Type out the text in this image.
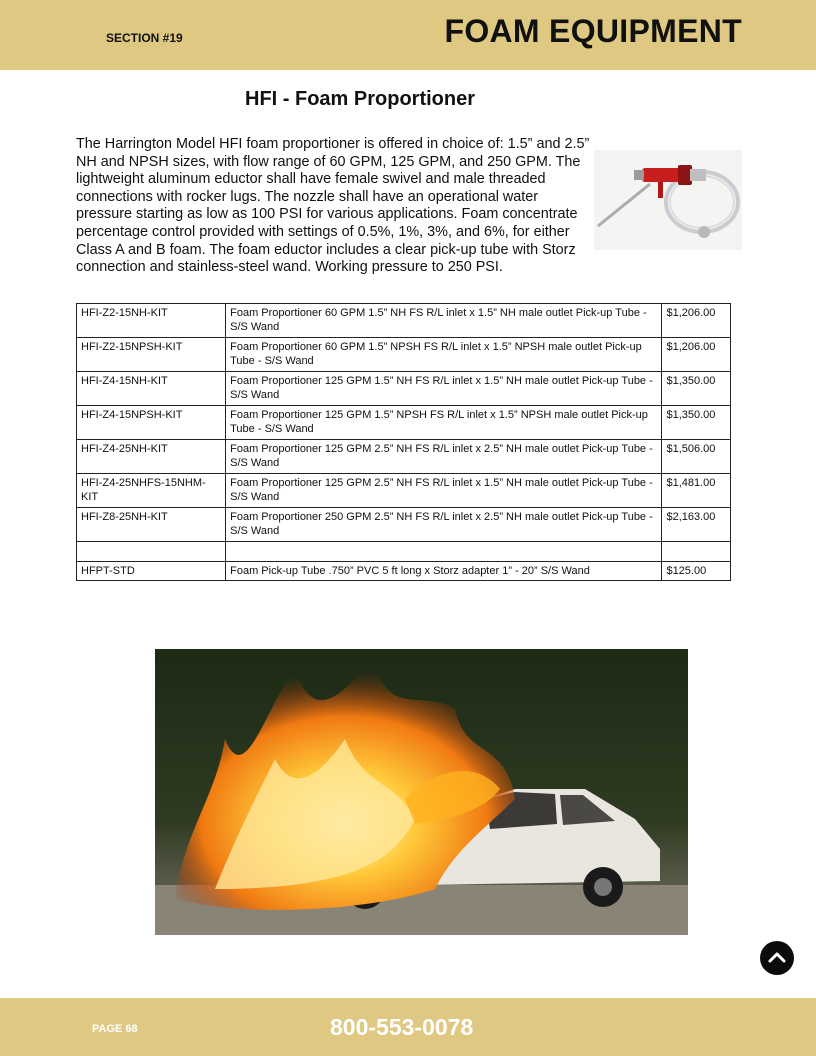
SECTION #19	FOAM EQUIPMENT
HFI - Foam Proportioner

The Harrington Model HFI foam proportioner is offered in choice of: 1.5” and 2.5” NH and NPSH sizes, with flow range of 60 GPM, 125 GPM, and 250 GPM. The lightweight aluminum eductor shall have female swivel and male threaded connections with rocker lugs. The nozzle shall have an operational water pressure starting as low as 100 PSI for various applications. Foam concentrate percentage control provided with settings of 0.5%, 1%, 3%, and 6%, for either Class A and B foam. The foam eductor includes a clear pick-up tube with Storz connection and stainless-steel wand. Working pressure to 250 PSI.

HFI-Z2-15NH-KIT	Foam Proportioner 60 GPM 1.5” NH FS R/L inlet x 1.5” NH male outlet Pick-up Tube - S/S Wand	$1,206.00
HFI-Z2-15NPSH-KIT	Foam Proportioner 60 GPM 1.5” NPSH FS R/L inlet x 1.5” NPSH male outlet Pick-up Tube - S/S Wand	$1,206.00
HFI-Z4-15NH-KIT	Foam Proportioner 125 GPM 1.5” NH FS R/L inlet x 1.5” NH male outlet Pick-up Tube - S/S Wand	$1,350.00
HFI-Z4-15NPSH-KIT	Foam Proportioner 125 GPM 1.5” NPSH FS R/L inlet x 1.5” NPSH male outlet Pick-up Tube - S/S Wand	$1,350.00
HFI-Z4-25NH-KIT	Foam Proportioner 125 GPM 2.5” NH FS R/L inlet x 2.5” NH male outlet Pick-up Tube - S/S Wand	$1,506.00
HFI-Z4-25NHFS-15NHM-KIT	Foam Proportioner 125 GPM 2.5” NH FS R/L inlet x 1.5” NH male outlet Pick-up Tube - S/S Wand	$1,481.00
HFI-Z8-25NH-KIT	Foam Proportioner 250 GPM 2.5” NH FS R/L inlet x 2.5” NH male outlet Pick-up Tube - S/S Wand	$2,163.00

HFPT-STD	Foam Pick-up Tube .750” PVC 5 ft long x Storz adapter 1” - 20” S/S Wand	$125.00
PAGE 68	800-553-0078
